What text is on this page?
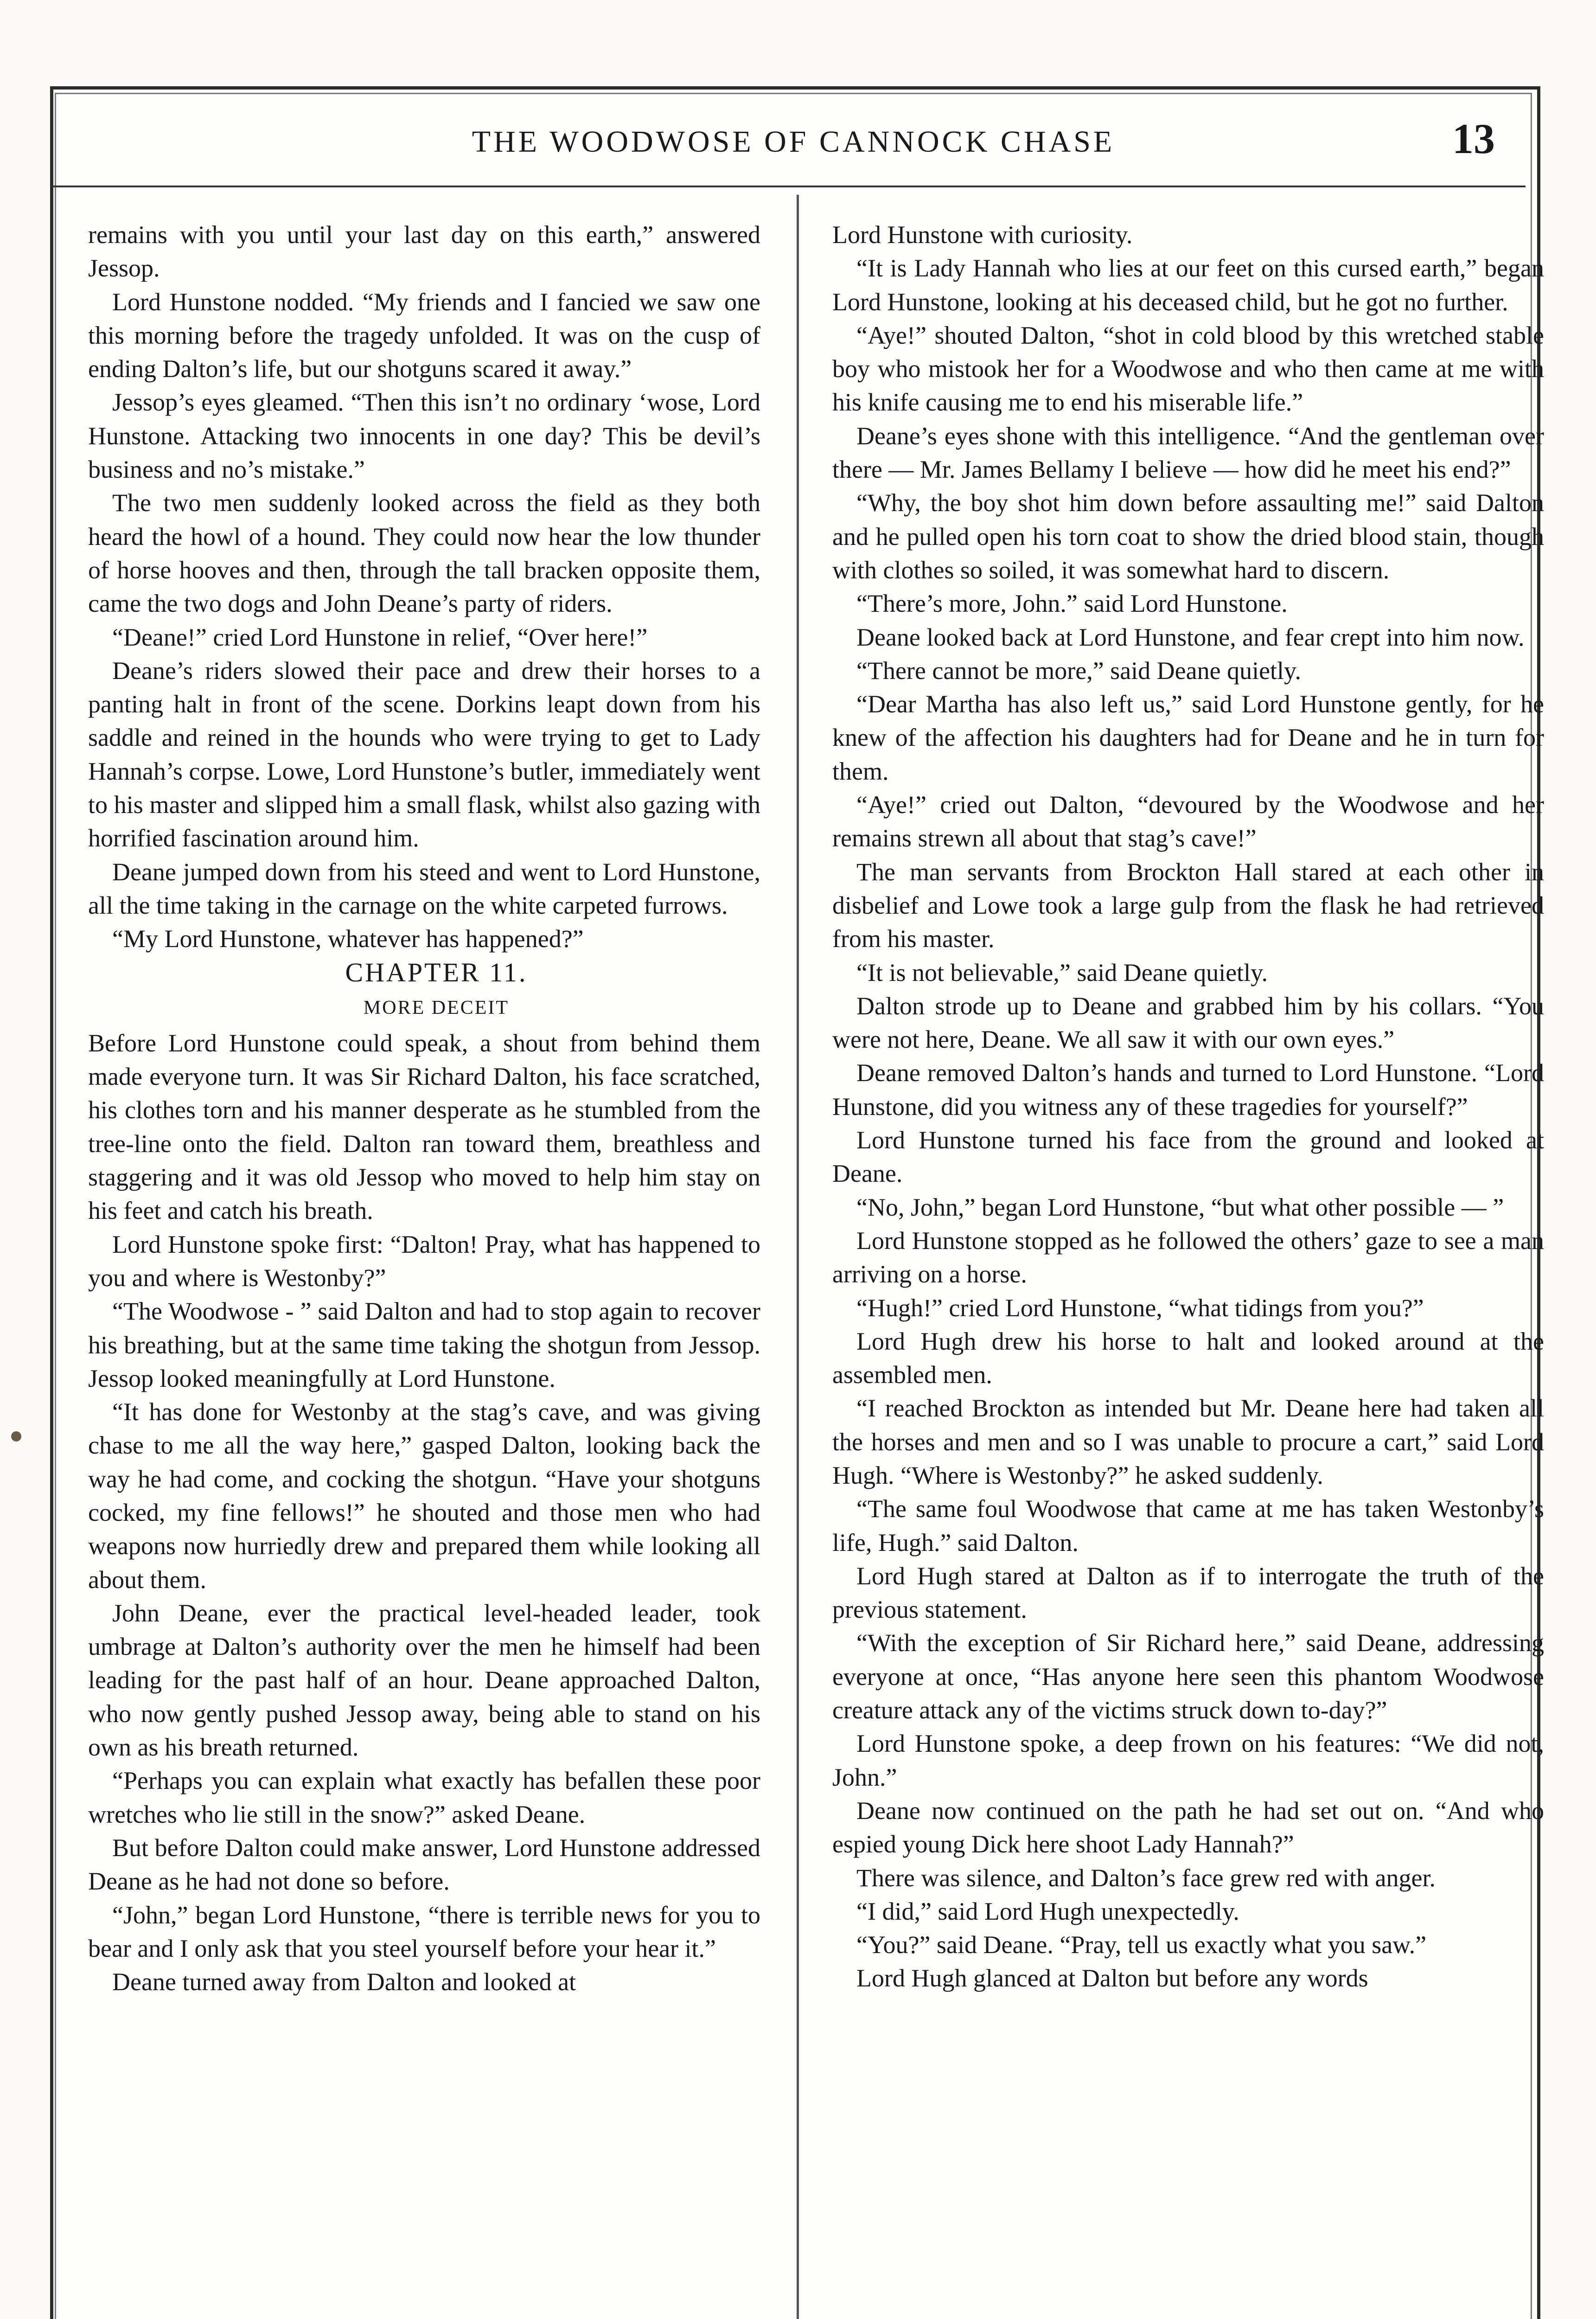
THE WOODWOSE OF CANNOCK CHASE	13

remains with you until your last day on this earth,” answered Jessop.

Lord Hunstone nodded. “My friends and I fancied we saw one this morning before the tragedy unfolded. It was on the cusp of ending Dalton’s life, but our shotguns scared it away.”

Jessop’s eyes gleamed. “Then this isn’t no ordinary ‘wose, Lord Hunstone. Attacking two innocents in one day? This be devil’s business and no’s mistake.”

The two men suddenly looked across the field as they both heard the howl of a hound. They could now hear the low thunder of horse hooves and then, through the tall bracken opposite them, came the two dogs and John Deane’s party of riders.

“Deane!” cried Lord Hunstone in relief, “Over here!”

Deane’s riders slowed their pace and drew their horses to a panting halt in front of the scene. Dorkins leapt down from his saddle and reined in the hounds who were trying to get to Lady Hannah’s corpse. Lowe, Lord Hunstone’s butler, immediately went to his master and slipped him a small flask, whilst also gazing with horrified fascination around him.

Deane jumped down from his steed and went to Lord Hunstone, all the time taking in the carnage on the white carpeted furrows.

“My Lord Hunstone, whatever has happened?”

CHAPTER 11.

MORE DECEIT

Before Lord Hunstone could speak, a shout from behind them made everyone turn. It was Sir Richard Dalton, his face scratched, his clothes torn and his manner desperate as he stumbled from the tree-line onto the field. Dalton ran toward them, breathless and staggering and it was old Jessop who moved to help him stay on his feet and catch his breath.

Lord Hunstone spoke first: “Dalton! Pray, what has happened to you and where is Westonby?”

“The Woodwose - ” said Dalton and had to stop again to recover his breathing, but at the same time taking the shotgun from Jessop. Jessop looked meaningfully at Lord Hunstone.

“It has done for Westonby at the stag’s cave, and was giving chase to me all the way here,” gasped Dalton, looking back the way he had come, and cocking the shotgun. “Have your shotguns cocked, my fine fellows!” he shouted and those men who had weapons now hurriedly drew and prepared them while looking all about them.

John Deane, ever the practical level-headed leader, took umbrage at Dalton’s authority over the men he himself had been leading for the past half of an hour. Deane approached Dalton, who now gently pushed Jessop away, being able to stand on his own as his breath returned.

“Perhaps you can explain what exactly has befallen these poor wretches who lie still in the snow?” asked Deane.

But before Dalton could make answer, Lord Hunstone addressed Deane as he had not done so before.

“John,” began Lord Hunstone, “there is terrible news for you to bear and I only ask that you steel yourself before your hear it.”

Deane turned away from Dalton and looked at

Lord Hunstone with curiosity.

“It is Lady Hannah who lies at our feet on this cursed earth,” began Lord Hunstone, looking at his deceased child, but he got no further.

“Aye!” shouted Dalton, “shot in cold blood by this wretched stable boy who mistook her for a Woodwose and who then came at me with his knife causing me to end his miserable life.”

Deane’s eyes shone with this intelligence. “And the gentleman over there — Mr. James Bellamy I believe — how did he meet his end?”

“Why, the boy shot him down before assaulting me!” said Dalton and he pulled open his torn coat to show the dried blood stain, though with clothes so soiled, it was somewhat hard to discern.

“There’s more, John.” said Lord Hunstone.

Deane looked back at Lord Hunstone, and fear crept into him now.

“There cannot be more,” said Deane quietly.

“Dear Martha has also left us,” said Lord Hunstone gently, for he knew of the affection his daughters had for Deane and he in turn for them.

“Aye!” cried out Dalton, “devoured by the Woodwose and her remains strewn all about that stag’s cave!”

The man servants from Brockton Hall stared at each other in disbelief and Lowe took a large gulp from the flask he had retrieved from his master.

“It is not believable,” said Deane quietly.

Dalton strode up to Deane and grabbed him by his collars. “You were not here, Deane. We all saw it with our own eyes.”

Deane removed Dalton’s hands and turned to Lord Hunstone. “Lord Hunstone, did you witness any of these tragedies for yourself?”

Lord Hunstone turned his face from the ground and looked at Deane.

“No, John,” began Lord Hunstone, “but what other possible — ”

Lord Hunstone stopped as he followed the others’ gaze to see a man arriving on a horse.

“Hugh!” cried Lord Hunstone, “what tidings from you?”

Lord Hugh drew his horse to halt and looked around at the assembled men.

“I reached Brockton as intended but Mr. Deane here had taken all the horses and men and so I was unable to procure a cart,” said Lord Hugh. “Where is Westonby?” he asked suddenly.

“The same foul Woodwose that came at me has taken Westonby’s life, Hugh.” said Dalton.

Lord Hugh stared at Dalton as if to interrogate the truth of the previous statement.

“With the exception of Sir Richard here,” said Deane, addressing everyone at once, “Has anyone here seen this phantom Woodwose creature attack any of the victims struck down to-day?”

Lord Hunstone spoke, a deep frown on his features: “We did not, John.”

Deane now continued on the path he had set out on. “And who espied young Dick here shoot Lady Hannah?”

There was silence, and Dalton’s face grew red with anger.

“I did,” said Lord Hugh unexpectedly.

“You?” said Deane. “Pray, tell us exactly what you saw.”

Lord Hugh glanced at Dalton but before any words
